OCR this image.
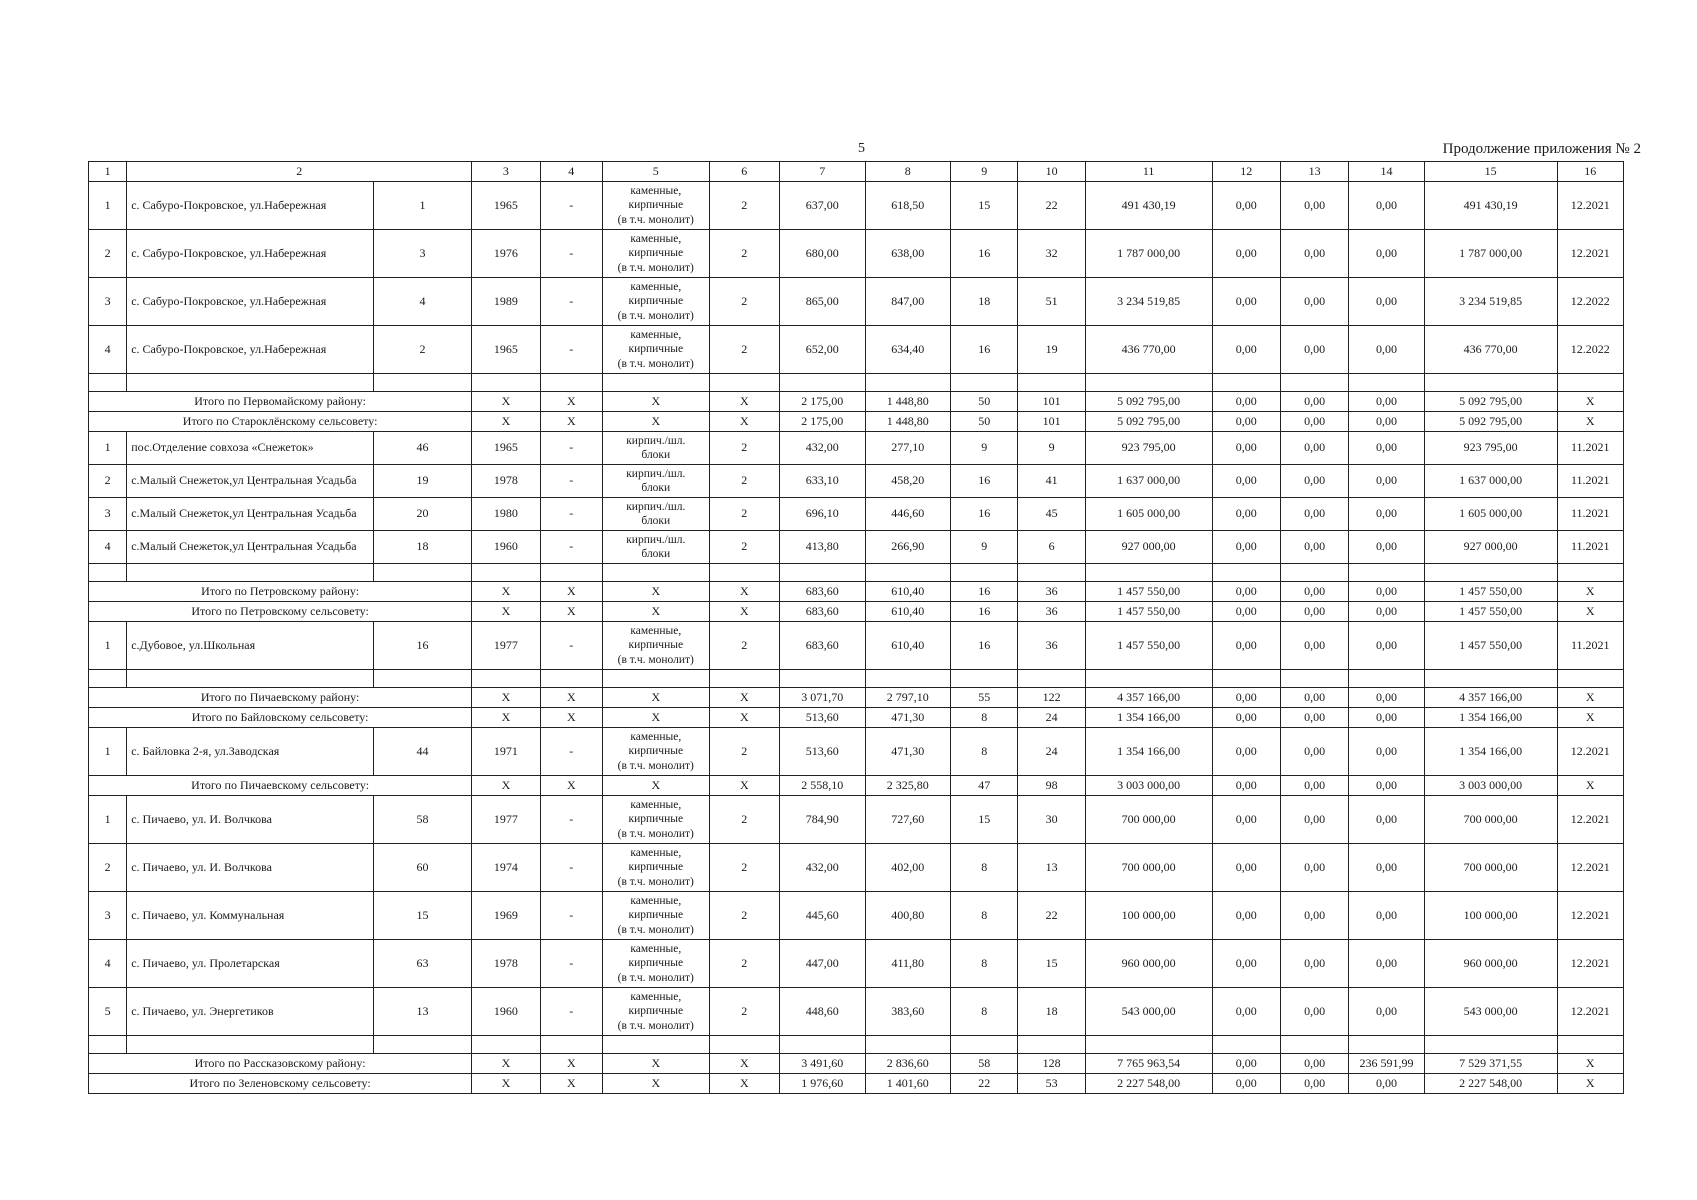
5	Продолжение приложения № 2
1	2		3	4	5	6	7	8	9	10	11	12	13	14	15	16
1	с. Сабуро-Покровское, ул.Набережная	1	1965	-	каменные,
кирпичные
(в т.ч. монолит)	2	637,00	618,50	15	22	491 430,19	0,00	0,00	0,00	491 430,19	12.2021
2	с. Сабуро-Покровское, ул.Набережная	3	1976	-	каменные,
кирпичные
(в т.ч. монолит)	2	680,00	638,00	16	32	1 787 000,00	0,00	0,00	0,00	1 787 000,00	12.2021
3	с. Сабуро-Покровское, ул.Набережная	4	1989	-	каменные,
кирпичные
(в т.ч. монолит)	2	865,00	847,00	18	51	3 234 519,85	0,00	0,00	0,00	3 234 519,85	12.2022
4	с. Сабуро-Покровское, ул.Набережная	2	1965	-	каменные,
кирпичные
(в т.ч. монолит)	2	652,00	634,40	16	19	436 770,00	0,00	0,00	0,00	436 770,00	12.2022

Итого по Первомайскому району:			X	X	X	X	2 175,00	1 448,80	50	101	5 092 795,00	0,00	0,00	0,00	5 092 795,00	X
Итого по Староклёнскому сельсовету:			X	X	X	X	2 175,00	1 448,80	50	101	5 092 795,00	0,00	0,00	0,00	5 092 795,00	X
1	пос.Отделение совхоза «Снежеток»	46	1965	-	кирпич./шл.
блоки	2	432,00	277,10	9	9	923 795,00	0,00	0,00	0,00	923 795,00	11.2021
2	с.Малый Снежеток,ул Центральная Усадьба	19	1978	-	кирпич./шл.
блоки	2	633,10	458,20	16	41	1 637 000,00	0,00	0,00	0,00	1 637 000,00	11.2021
3	с.Малый Снежеток,ул Центральная Усадьба	20	1980	-	кирпич./шл.
блоки	2	696,10	446,60	16	45	1 605 000,00	0,00	0,00	0,00	1 605 000,00	11.2021
4	с.Малый Снежеток,ул Центральная Усадьба	18	1960	-	кирпич./шл.
блоки	2	413,80	266,90	9	6	927 000,00	0,00	0,00	0,00	927 000,00	11.2021

Итого по Петровскому району:			X	X	X	X	683,60	610,40	16	36	1 457 550,00	0,00	0,00	0,00	1 457 550,00	X
Итого по Петровскому сельсовету:			X	X	X	X	683,60	610,40	16	36	1 457 550,00	0,00	0,00	0,00	1 457 550,00	X
1	с.Дубовое, ул.Школьная	16	1977	-	каменные,
кирпичные
(в т.ч. монолит)	2	683,60	610,40	16	36	1 457 550,00	0,00	0,00	0,00	1 457 550,00	11.2021

Итого по Пичаевскому району:			X	X	X	X	3 071,70	2 797,10	55	122	4 357 166,00	0,00	0,00	0,00	4 357 166,00	X
Итого по Байловскому сельсовету:			X	X	X	X	513,60	471,30	8	24	1 354 166,00	0,00	0,00	0,00	1 354 166,00	X
1	с. Байловка 2-я, ул.Заводская	44	1971	-	каменные,
кирпичные
(в т.ч. монолит)	2	513,60	471,30	8	24	1 354 166,00	0,00	0,00	0,00	1 354 166,00	12.2021
Итого по Пичаевскому сельсовету:			X	X	X	X	2 558,10	2 325,80	47	98	3 003 000,00	0,00	0,00	0,00	3 003 000,00	X
1	с. Пичаево, ул. И. Волчкова	58	1977	-	каменные,
кирпичные
(в т.ч. монолит)	2	784,90	727,60	15	30	700 000,00	0,00	0,00	0,00	700 000,00	12.2021
2	с. Пичаево, ул. И. Волчкова	60	1974	-	каменные,
кирпичные
(в т.ч. монолит)	2	432,00	402,00	8	13	700 000,00	0,00	0,00	0,00	700 000,00	12.2021
3	с. Пичаево, ул. Коммунальная	15	1969	-	каменные,
кирпичные
(в т.ч. монолит)	2	445,60	400,80	8	22	100 000,00	0,00	0,00	0,00	100 000,00	12.2021
4	с. Пичаево, ул. Пролетарская	63	1978	-	каменные,
кирпичные
(в т.ч. монолит)	2	447,00	411,80	8	15	960 000,00	0,00	0,00	0,00	960 000,00	12.2021
5	с. Пичаево, ул. Энергетиков	13	1960	-	каменные,
кирпичные
(в т.ч. монолит)	2	448,60	383,60	8	18	543 000,00	0,00	0,00	0,00	543 000,00	12.2021

Итого по Рассказовскому району:			X	X	X	X	3 491,60	2 836,60	58	128	7 765 963,54	0,00	0,00	236 591,99	7 529 371,55	X
Итого по Зеленовскому сельсовету:			X	X	X	X	1 976,60	1 401,60	22	53	2 227 548,00	0,00	0,00	0,00	2 227 548,00	X
